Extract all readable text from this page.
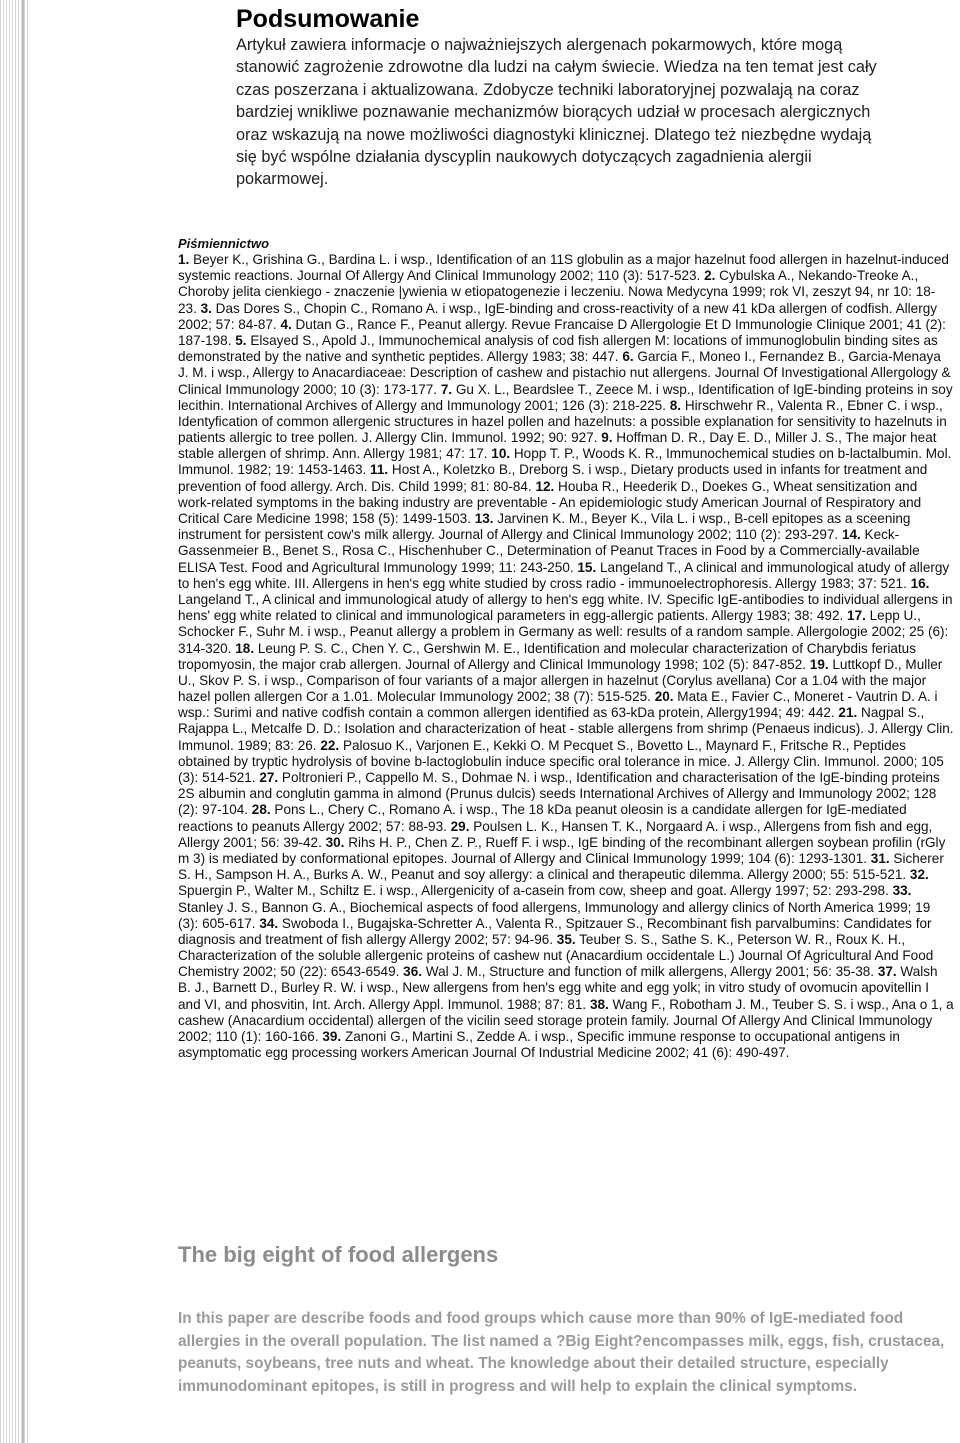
Podsumowanie

Artykuł zawiera informacje o najważniejszych alergenach pokarmowych, które mogą stanowić zagrożenie zdrowotne dla ludzi na całym świecie. Wiedza na ten temat jest cały czas poszerzana i aktualizowana. Zdobycze techniki laboratoryjnej pozwalają na coraz bardziej wnikliwe poznawanie mechanizmów biorących udział w procesach alergicznych oraz wskazują na nowe możliwości diagnostyki klinicznej. Dlatego też niezbędne wydają się być wspólne działania dyscyplin naukowych dotyczących zagadnienia alergii pokarmowej.

Piśmiennictwo

1. Beyer K., Grishina G., Bardina L. i wsp., Identification of an 11S globulin as a major hazelnut food allergen in hazelnut-induced systemic reactions. Journal Of Allergy And Clinical Immunology 2002; 110 (3): 517-523. 2. Cybulska A., Nekando-Treoke A., Choroby jelita cienkiego - znaczenie |ywienia w etiopatogenezie i leczeniu. Nowa Medycyna 1999; rok VI, zeszyt 94, nr 10: 18-23. 3. Das Dores S., Chopin C., Romano A. i wsp., IgE-binding and cross-reactivity of a new 41 kDa allergen of codfish. Allergy 2002; 57: 84-87. 4. Dutan G., Rance F., Peanut allergy. Revue Francaise D Allergologie Et D Immunologie Clinique 2001; 41 (2): 187-198. 5. Elsayed S., Apold J., Immunochemical analysis of cod fish allergen M: locations of immunoglobulin binding sites as demonstrated by the native and synthetic peptides. Allergy 1983; 38: 447. 6. Garcia F., Moneo I., Fernandez B., Garcia-Menaya J. M. i wsp., Allergy to Anacardiaceae: Description of cashew and pistachio nut allergens. Journal Of Investigational Allergology & Clinical Immunology 2000; 10 (3): 173-177. 7. Gu X. L., Beardslee T., Zeece M. i wsp., Identification of IgE-binding proteins in soy lecithin. International Archives of Allergy and Immunology 2001; 126 (3): 218-225. 8. Hirschwehr R., Valenta R., Ebner C. i wsp., Identyfication of common allergenic structures in hazel pollen and hazelnuts: a possible explanation for sensitivity to hazelnuts in patients allergic to tree pollen. J. Allergy Clin. Immunol. 1992; 90: 927. 9. Hoffman D. R., Day E. D., Miller J. S., The major heat stable allergen of shrimp. Ann. Allergy 1981; 47: 17. 10. Hopp T. P., Woods K. R., Immunochemical studies on b-lactalbumin. Mol. Immunol. 1982; 19: 1453-1463. 11. Host A., Koletzko B., Dreborg S. i wsp., Dietary products used in infants for treatment and prevention of food allergy. Arch. Dis. Child 1999; 81: 80-84. 12. Houba R., Heederik D., Doekes G., Wheat sensitization and work-related symptoms in the baking industry are preventable - An epidemiologic study American Journal of Respiratory and Critical Care Medicine 1998; 158 (5): 1499-1503. 13. Jarvinen K. M., Beyer K., Vila L. i wsp., B-cell epitopes as a sceening instrument for persistent cow's milk allergy. Journal of Allergy and Clinical Immunology 2002; 110 (2): 293-297. 14. Keck-Gassenmeier B., Benet S., Rosa C., Hischenhuber C., Determination of Peanut Traces in Food by a Commercially-available ELISA Test. Food and Agricultural Immunology 1999; 11: 243-250. 15. Langeland T., A clinical and immunological atudy of allergy to hen's egg white. III. Allergens in hen's egg white studied by cross radio - immunoelectrophoresis. Allergy 1983; 37: 521. 16. Langeland T., A clinical and immunological atudy of allergy to hen's egg white. IV. Specific IgE-antibodies to individual allergens in hens' egg white related to clinical and immunological parameters in egg-allergic patients. Allergy 1983; 38: 492. 17. Lepp U., Schocker F., Suhr M. i wsp., Peanut allergy a problem in Germany as well: results of a random sample. Allergologie 2002; 25 (6): 314-320. 18. Leung P. S. C., Chen Y. C., Gershwin M. E., Identification and molecular characterization of Charybdis feriatus tropomyosin, the major crab allergen. Journal of Allergy and Clinical Immunology 1998; 102 (5): 847-852. 19. Luttkopf D., Muller U., Skov P. S. i wsp., Comparison of four variants of a major allergen in hazelnut (Corylus avellana) Cor a 1.04 with the major hazel pollen allergen Cor a 1.01. Molecular Immunology 2002; 38 (7): 515-525. 20. Mata E., Favier C., Moneret - Vautrin D. A. i wsp.: Surimi and native codfish contain a common allergen identified as 63-kDa protein, Allergy1994; 49: 442. 21. Nagpal S., Rajappa L., Metcalfe D. D.: Isolation and characterization of heat - stable allergens from shrimp (Penaeus indicus). J. Allergy Clin. Immunol. 1989; 83: 26. 22. Palosuo K., Varjonen E., Kekki O. M Pecquet S., Bovetto L., Maynard F., Fritsche R., Peptides obtained by tryptic hydrolysis of bovine b-lactoglobulin induce specific oral tolerance in mice. J. Allergy Clin. Immunol. 2000; 105 (3): 514-521. 27. Poltronieri P., Cappello M. S., Dohmae N. i wsp., Identification and characterisation of the IgE-binding proteins 2S albumin and conglutin gamma in almond (Prunus dulcis) seeds International Archives of Allergy and Immunology 2002; 128 (2): 97-104. 28. Pons L., Chery C., Romano A. i wsp., The 18 kDa peanut oleosin is a candidate allergen for IgE-mediated reactions to peanuts Allergy 2002; 57: 88-93. 29. Poulsen L. K., Hansen T. K., Norgaard A. i wsp., Allergens from fish and egg, Allergy 2001; 56: 39-42. 30. Rihs H. P., Chen Z. P., Rueff F. i wsp., IgE binding of the recombinant allergen soybean profilin (rGly m 3) is mediated by conformational epitopes. Journal of Allergy and Clinical Immunology 1999; 104 (6): 1293-1301. 31. Sicherer S. H., Sampson H. A., Burks A. W., Peanut and soy allergy: a clinical and therapeutic dilemma. Allergy 2000; 55: 515-521. 32. Spuergin P., Walter M., Schiltz E. i wsp., Allergenicity of a-casein from cow, sheep and goat. Allergy 1997; 52: 293-298. 33. Stanley J. S., Bannon G. A., Biochemical aspects of food allergens, Immunology and allergy clinics of North America 1999; 19 (3): 605-617. 34. Swoboda I., Bugajska-Schretter A., Valenta R., Spitzauer S., Recombinant fish parvalbumins: Candidates for diagnosis and treatment of fish allergy Allergy 2002; 57: 94-96. 35. Teuber S. S., Sathe S. K., Peterson W. R., Roux K. H., Characterization of the soluble allergenic proteins of cashew nut (Anacardium occidentale L.) Journal Of Agricultural And Food Chemistry 2002; 50 (22): 6543-6549. 36. Wal J. M., Structure and function of milk allergens, Allergy 2001; 56: 35-38. 37. Walsh B. J., Barnett D., Burley R. W. i wsp., New allergens from hen's egg white and egg yolk; in vitro study of ovomucin apovitellin I and VI, and phosvitin, Int. Arch. Allergy Appl. Immunol. 1988; 87: 81. 38. Wang F., Robotham J. M., Teuber S. S. i wsp., Ana o 1, a cashew (Anacardium occidental) allergen of the vicilin seed storage protein family. Journal Of Allergy And Clinical Immunology 2002; 110 (1): 160-166. 39. Zanoni G., Martini S., Zedde A. i wsp., Specific immune response to occupational antigens in asymptomatic egg processing workers American Journal Of Industrial Medicine 2002; 41 (6): 490-497.

The big eight of food allergens

In this paper are describe foods and food groups which cause more than 90% of IgE-mediated food allergies in the overall population. The list named a ?Big Eight?encompasses milk, eggs, fish, crustacea, peanuts, soybeans, tree nuts and wheat. The knowledge about their detailed structure, especially immunodominant epitopes, is still in progress and will help to explain the clinical symptoms.
